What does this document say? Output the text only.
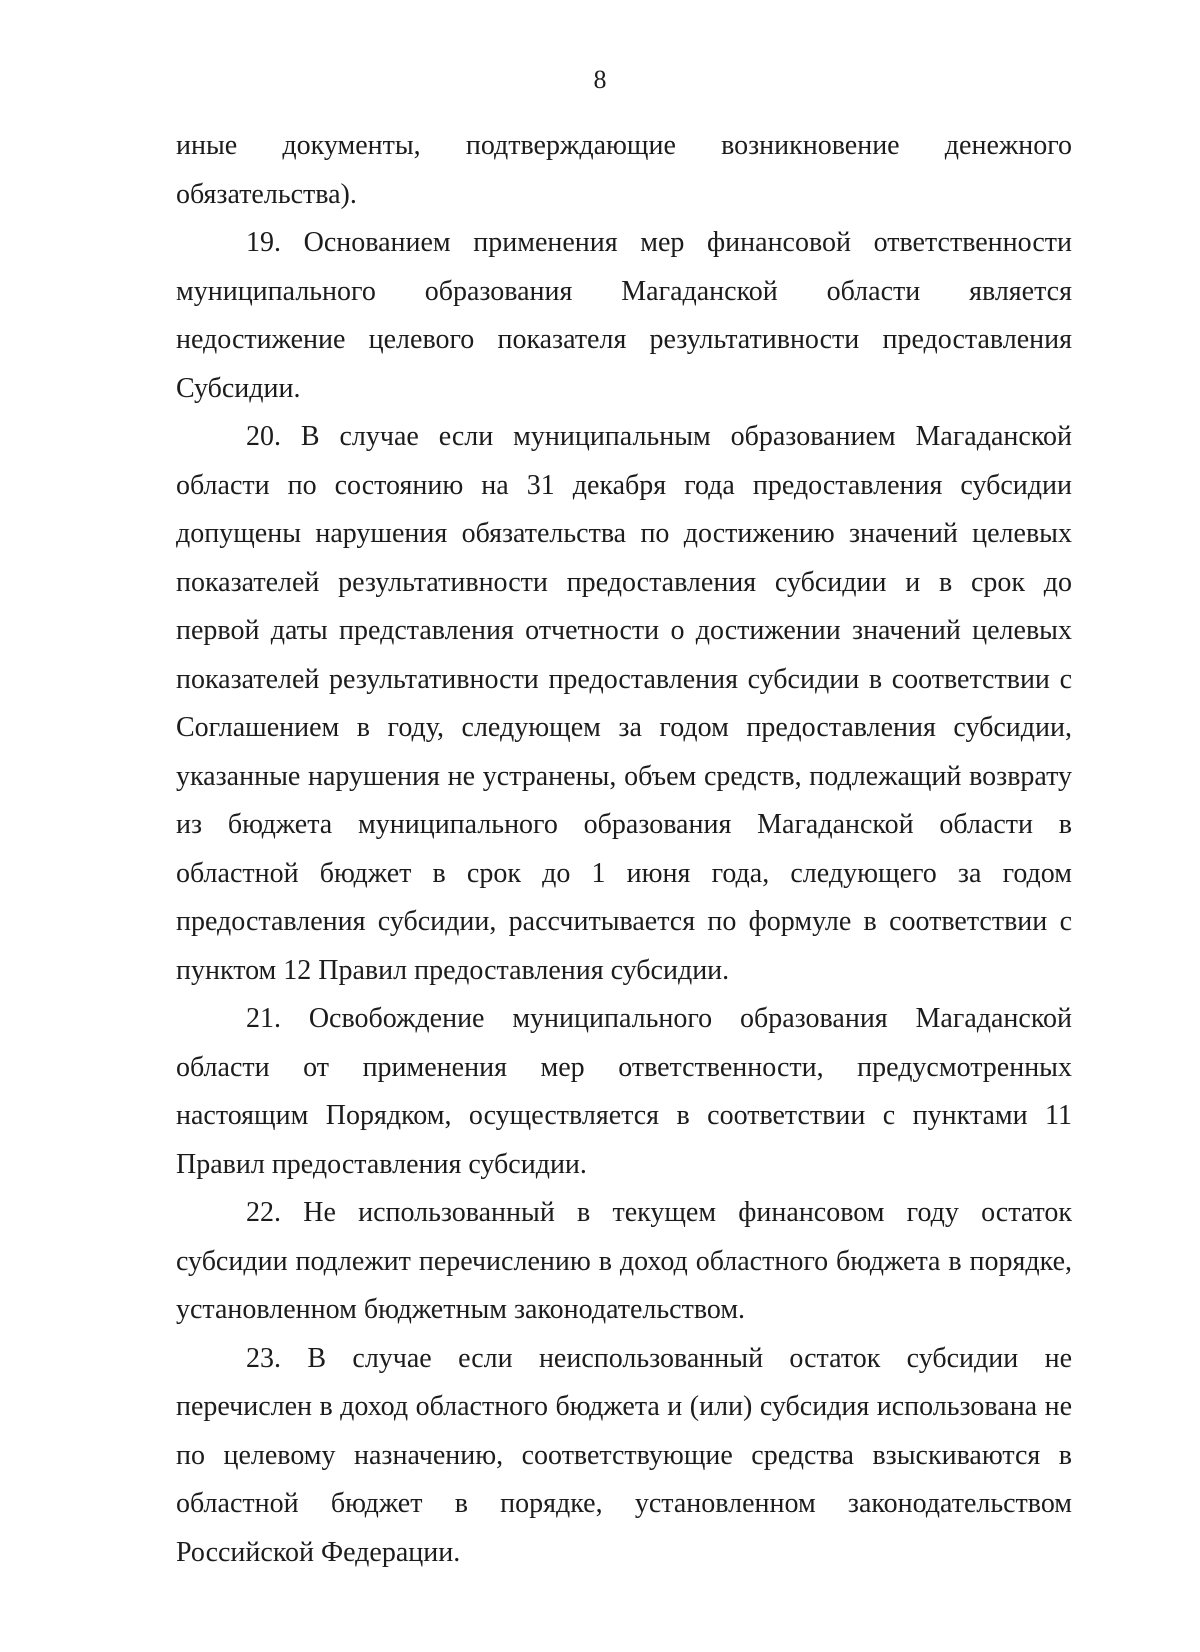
8

иные документы, подтверждающие возникновение денежного обязательства).

19. Основанием применения мер финансовой ответственности муниципального образования Магаданской области является недостижение целевого показателя результативности предоставления Субсидии.

20. В случае если муниципальным образованием Магаданской области по состоянию на 31 декабря года предоставления субсидии допущены нарушения обязательства по достижению значений целевых показателей результативности предоставления субсидии и в срок до первой даты представления отчетности о достижении значений целевых показателей результативности предоставления субсидии в соответствии с Соглашением в году, следующем за годом предоставления субсидии, указанные нарушения не устранены, объем средств, подлежащий возврату из бюджета муниципального образования Магаданской области в областной бюджет в срок до 1 июня года, следующего за годом предоставления субсидии, рассчитывается по формуле в соответствии с пунктом 12 Правил предоставления субсидии.

21. Освобождение муниципального образования Магаданской области от применения мер ответственности, предусмотренных настоящим Порядком, осуществляется в соответствии с пунктами 11 Правил предоставления субсидии.

22. Не использованный в текущем финансовом году остаток субсидии подлежит перечислению в доход областного бюджета в порядке, установленном бюджетным законодательством.

23. В случае если неиспользованный остаток субсидии не перечислен в доход областного бюджета и (или) субсидия использована не по целевому назначению, соответствующие средства взыскиваются в областной бюджет в порядке, установленном законодательством Российской Федерации.
